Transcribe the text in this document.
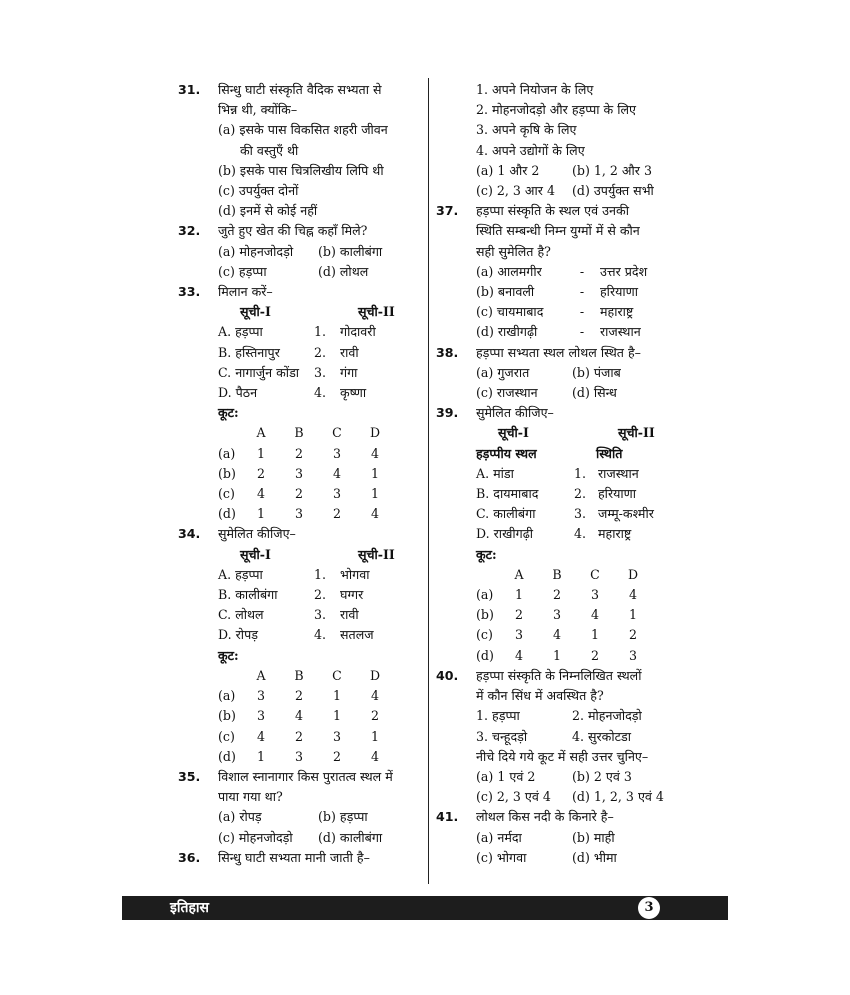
31. सिन्धु घाटी संस्कृति वैदिक सभ्यता से
भिन्न थी, क्योंकि–
(a) इसके पास विकसित शहरी जीवन
की वस्तुएँ थी
(b) इसके पास चित्रलिखीय लिपि थी
(c) उपर्युक्त दोनों
(d) इनमें से कोई नहीं
32. जुते हुए खेत की चिह्न कहाँ मिले?
(a) मोहनजोदड़ो	(b) कालीबंगा
(c) हड़प्पा	(d) लोथल
33. मिलान करें–
सूची-I	सूची-II
A. हड़प्पा	1.	गोदावरी
B. हस्तिनापुर	2.	रावी
C. नागार्जुन कोंडा	3.	गंगा
D. पैठन	4.	कृष्णा
कूट:
A	B	C	D
(a)	1	2	3	4
(b)	2	3	4	1
(c)	4	2	3	1
(d)	1	3	2	4
34. सुमेलित कीजिए–
सूची-I	सूची-II
A. हड़प्पा	1.	भोगवा
B. कालीबंगा	2.	घग्गर
C. लोथल	3.	रावी
D. रोपड़	4.	सतलज
कूट:
A	B	C	D
(a)	3	2	1	4
(b)	3	4	1	2
(c)	4	2	3	1
(d)	1	3	2	4
35. विशाल स्नानागार किस पुरातत्व स्थल में
पाया गया था?
(a) रोपड़	(b) हड़प्पा
(c) मोहनजोदड़ो	(d) कालीबंगा
36. सिन्धु घाटी सभ्यता मानी जाती है–
1. अपने नियोजन के लिए
2. मोहनजोदड़ो और हड़प्पा के लिए
3. अपने कृषि के लिए
4. अपने उद्योगों के लिए
(a) 1 और 2	(b) 1, 2 और 3
(c) 2, 3 आर 4	(d) उपर्युक्त सभी
37. हड़प्पा संस्कृति के स्थल एवं उनकी
स्थिति सम्बन्धी निम्न युग्मों में से कौन
सही सुमेलित है?
(a) आलमगीर	-	उत्तर प्रदेश
(b) बनावली	-	हरियाणा
(c) चायमाबाद	-	महाराष्ट्र
(d) राखीगढ़ी	-	राजस्थान
38. हड़प्पा सभ्यता स्थल लोथल स्थित है–
(a) गुजरात	(b) पंजाब
(c) राजस्थान	(d) सिन्ध
39. सुमेलित कीजिए–
सूची-I	सूची-II
हड़प्पीय स्थल	स्थिति
A. मांडा	1. राजस्थान
B. दायमाबाद	2. हरियाणा
C. कालीबंगा	3. जम्मू-कश्मीर
D. राखीगढ़ी	4. महाराष्ट्र
कूट:
A	B	C	D
(a)	1	2	3	4
(b)	2	3	4	1
(c)	3	4	1	2
(d)	4	1	2	3
40. हड़प्पा संस्कृति के निम्नलिखित स्थलों
में कौन सिंध में अवस्थित है?
1. हड़प्पा	2. मोहनजोदड़ो
3. चन्हूदड़ो	4. सुरकोटडा
नीचे दिये गये कूट में सही उत्तर चुनिए–
(a) 1 एवं 2	(b) 2 एवं 3
(c) 2, 3 एवं 4	(d) 1, 2, 3 एवं 4
41. लोथल किस नदी के किनारे है–
(a) नर्मदा	(b) माही
(c) भोगवा	(d) भीमा
इतिहास	3
